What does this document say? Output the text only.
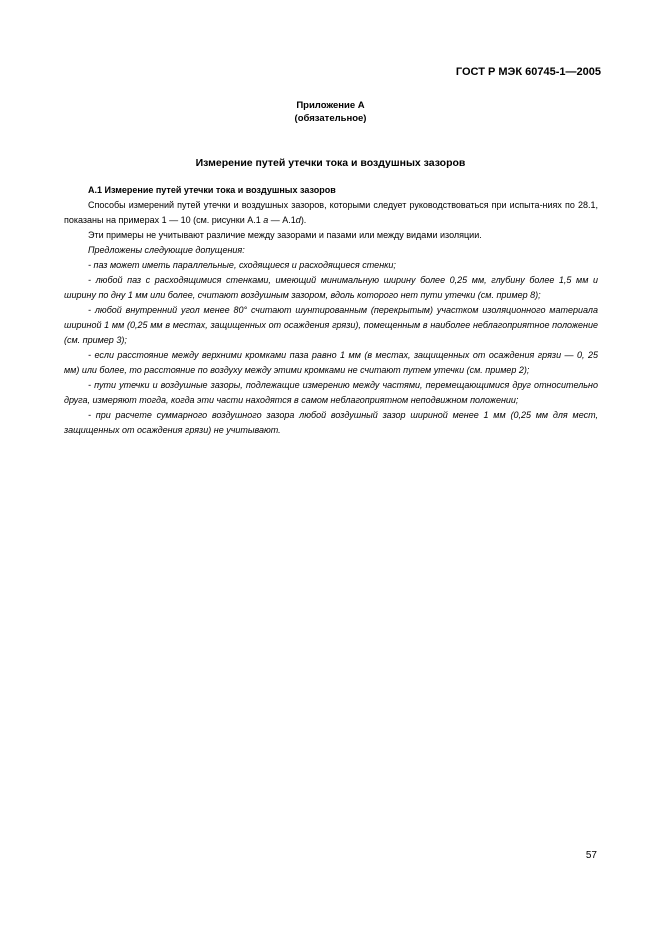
ГОСТ Р МЭК 60745-1—2005
Приложение А
(обязательное)
Измерение путей утечки тока и воздушных зазоров

А.1 Измерение путей утечки тока и воздушных зазоров

Способы измерений путей утечки и воздушных зазоров, которыми следует руководствоваться при испыта-ниях по 28.1, показаны на примерах 1 — 10 (см. рисунки А.1 а — А.1d).

Эти примеры не учитывают различие между зазорами и пазами или между видами изоляции.

Предложены следующие допущения:

- паз может иметь параллельные, сходящиеся и расходящиеся стенки;

- любой паз с расходящимися стенками, имеющий минимальную ширину более 0,25 мм, глубину более 1,5 мм и ширину по дну 1 мм или более, считают воздушным зазором, вдоль которого нет пути утечки (см. пример 8);

- любой внутренний угол менее 80° считают шунтированным (перекрытым) участком изоляционного материала шириной 1 мм (0,25 мм в местах, защищенных от осаждения грязи), помещенным в наиболее неблагоприятное положение (см. пример 3);

- если расстояние между верхними кромками паза равно 1 мм (в местах, защищенных от осаждения грязи — 0, 25 мм) или более, то расстояние по воздуху между этими кромками не считают путем утечки (см. пример 2);

- пути утечки и воздушные зазоры, подлежащие измерению между частями, перемещающимися друг относительно друга, измеряют тогда, когда эти части находятся в самом неблагоприятном неподвижном положении;

- при расчете суммарного воздушного зазора любой воздушный зазор шириной менее 1 мм (0,25 мм для мест, защищенных от осаждения грязи) не учитывают.

57
